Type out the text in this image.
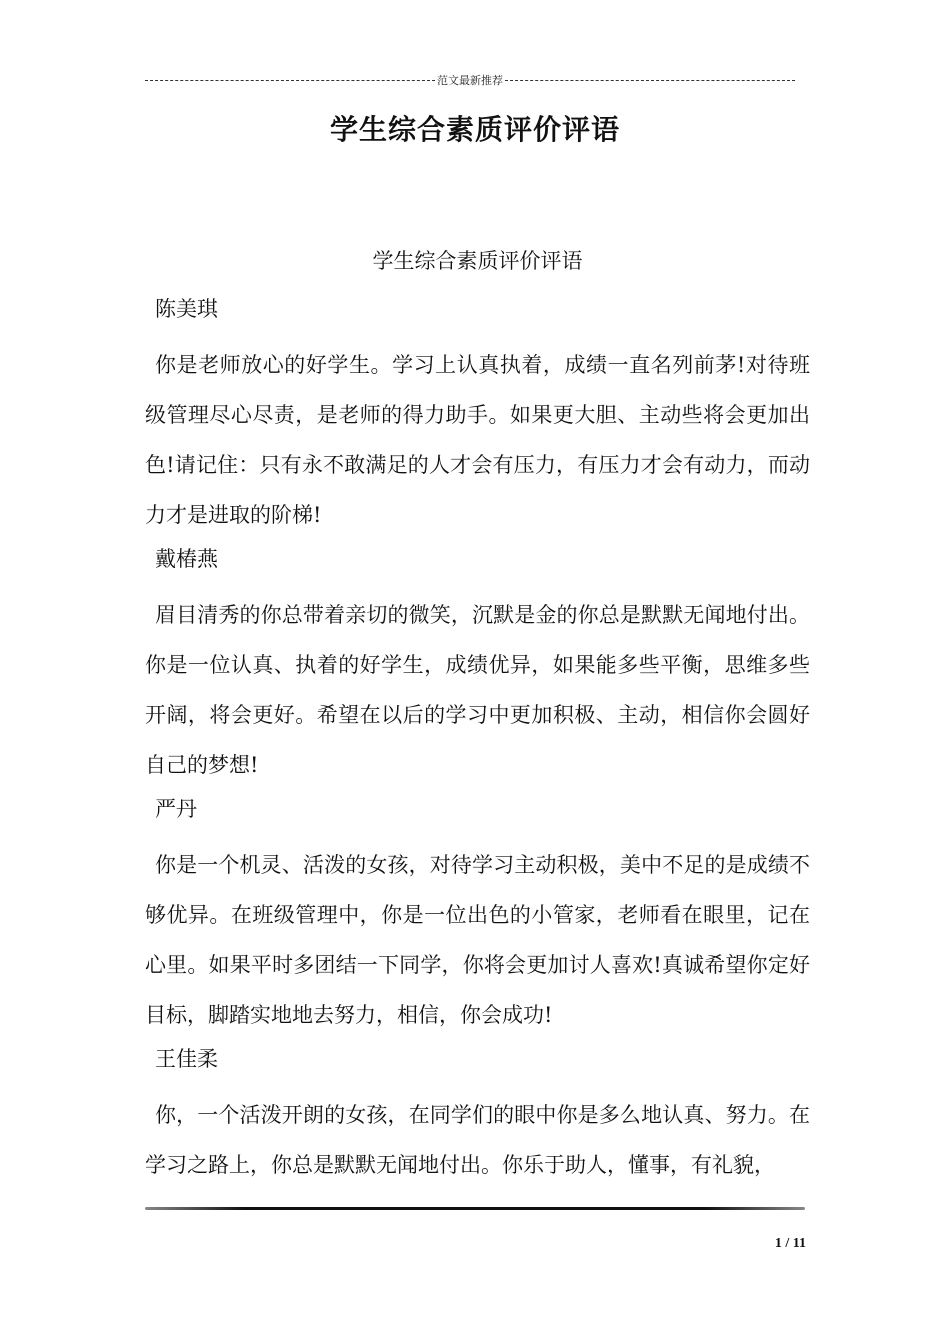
范文最新推荐
学生综合素质评价评语

学生综合素质评价评语

陈美琪

你是老师放心的好学生。学习上认真执着，成绩一直名列前茅!对待班级管理尽心尽责，是老师的得力助手。如果更大胆、主动些将会更加出色!请记住：只有永不敢满足的人才会有压力，有压力才会有动力，而动力才是进取的阶梯!

戴椿燕

眉目清秀的你总带着亲切的微笑，沉默是金的你总是默默无闻地付出。你是一位认真、执着的好学生，成绩优异，如果能多些平衡，思维多些开阔，将会更好。希望在以后的学习中更加积极、主动，相信你会圆好自己的梦想!

严丹

你是一个机灵、活泼的女孩，对待学习主动积极，美中不足的是成绩不够优异。在班级管理中，你是一位出色的小管家，老师看在眼里，记在心里。如果平时多团结一下同学，你将会更加讨人喜欢!真诚希望你定好目标，脚踏实地地去努力，相信，你会成功!

王佳柔

你，一个活泼开朗的女孩，在同学们的眼中你是多么地认真、努力。在学习之路上，你总是默默无闻地付出。你乐于助人，懂事，有礼貌，

1 / 11
